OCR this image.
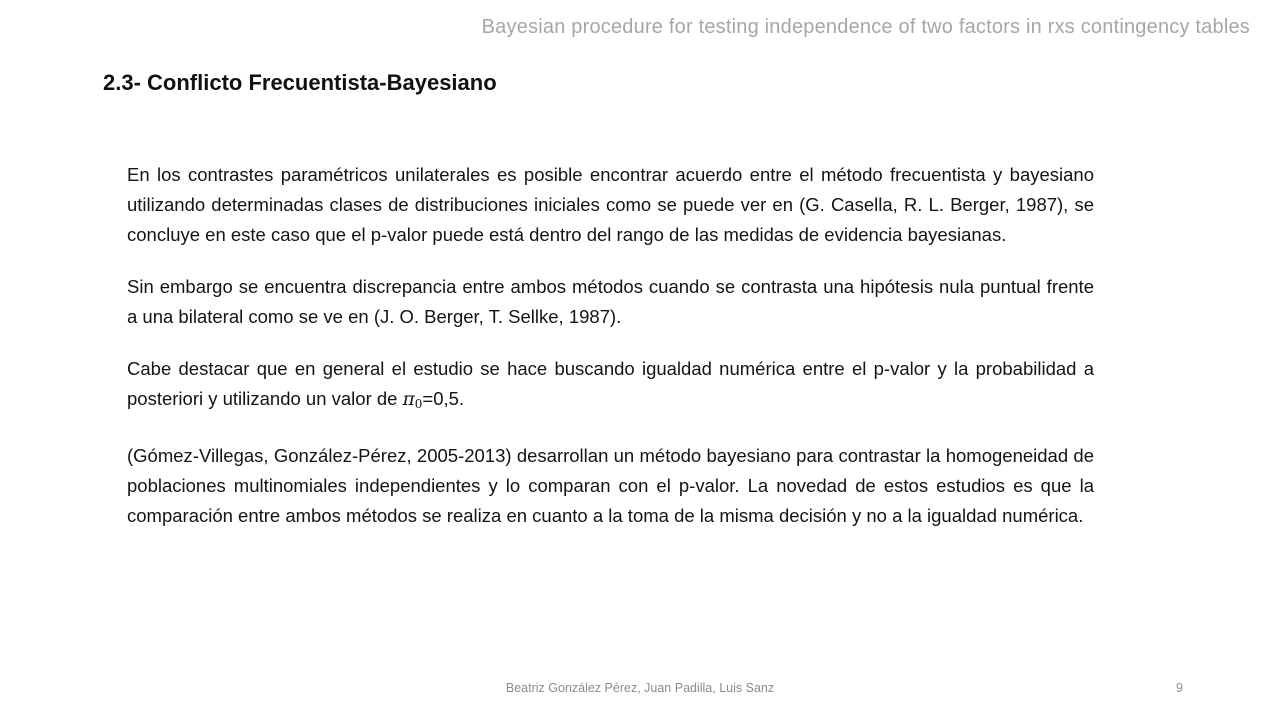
Bayesian procedure for testing independence of two factors in rxs contingency tables
2.3- Conflicto Frecuentista-Bayesiano

En los contrastes paramétricos unilaterales es posible encontrar acuerdo entre el método frecuentista y bayesiano utilizando determinadas clases de distribuciones iniciales como se puede ver en (G. Casella, R. L. Berger, 1987), se concluye en este caso que el p-valor puede está dentro del rango de las medidas de evidencia bayesianas.

Sin embargo se encuentra discrepancia entre ambos métodos cuando se contrasta una hipótesis nula puntual frente a una bilateral como se ve en (J. O. Berger, T. Sellke, 1987).

Cabe destacar que en general el estudio se hace buscando igualdad numérica entre el p-valor y la probabilidad a posteriori y utilizando un valor de π0=0,5.

(Gómez-Villegas, González-Pérez, 2005-2013) desarrollan un método bayesiano para contrastar la homogeneidad de poblaciones multinomiales independientes y lo comparan con el p-valor. La novedad de estos estudios es que la comparación entre ambos métodos se realiza en cuanto a la toma de la misma decisión y no a la igualdad numérica.

Beatriz González Pérez, Juan Padilla, Luis Sanz	9
